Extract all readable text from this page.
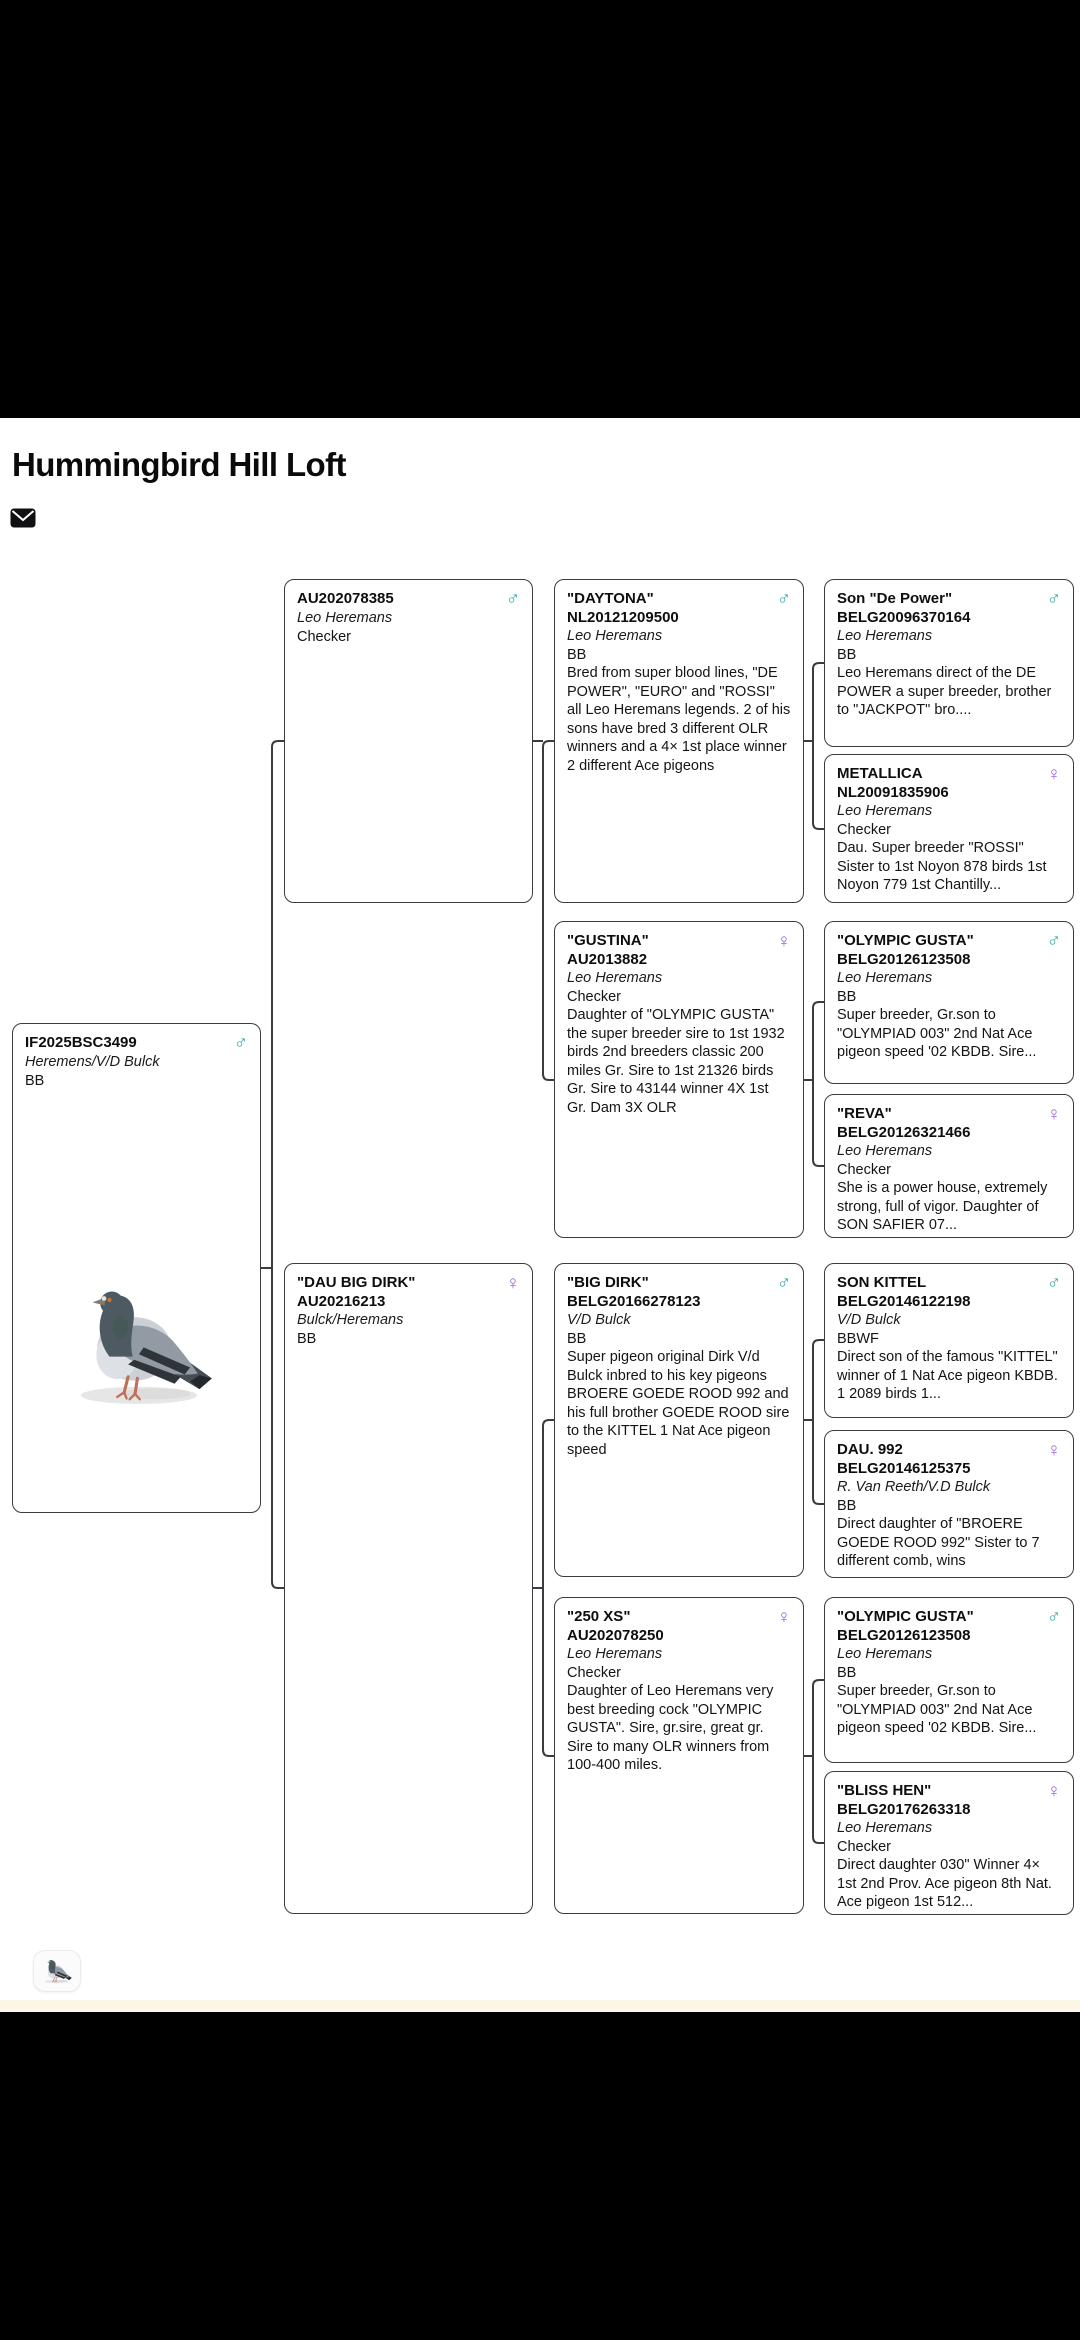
Hummingbird Hill Loft
IF2025BSC3499	♂
Heremens/V/D Bulck
BB
AU202078385	♂
Leo Heremans
Checker
"DAU BIG DIRK"
AU20216213
♀
Bulck/Heremans
BB
"DAYTONA"
NL20121209500
♂
Leo Heremans
BB
Bred from super blood lines, "DE POWER", "EURO" and "ROSSI" all Leo Heremans legends. 2 of his sons have bred 3 different OLR winners and a 4× 1st place winner 2 different Ace pigeons
"GUSTINA"
AU2013882
♀
Leo Heremans
Checker
Daughter of "OLYMPIC GUSTA" the super breeder sire to 1st 1932 birds 2nd breeders classic 200 miles Gr. Sire to 1st 21326 birds Gr. Sire to 43144 winner 4X 1st Gr. Dam 3X OLR
"BIG DIRK"
BELG20166278123
♂
V/D Bulck
BB
Super pigeon original Dirk V/d Bulck inbred to his key pigeons BROERE GOEDE ROOD 992 and his full brother GOEDE ROOD sire to the KITTEL 1 Nat Ace pigeon speed
"250 XS"
AU202078250
♀
Leo Heremans
Checker
Daughter of Leo Heremans very best breeding cock "OLYMPIC GUSTA". Sire, gr.sire, great gr. Sire to many OLR winners from 100-400 miles.
Son "De Power"
BELG20096370164
♂
Leo Heremans
BB
Leo Heremans direct of the DE POWER a super breeder, brother to "JACKPOT" bro....
METALLICA
NL20091835906
♀
Leo Heremans
Checker
Dau. Super breeder "ROSSI" Sister to 1st Noyon 878 birds 1st Noyon 779 1st Chantilly...
"OLYMPIC GUSTA"
BELG20126123508
♂
Leo Heremans
BB
Super breeder, Gr.son to "OLYMPIAD 003" 2nd Nat Ace pigeon speed '02 KBDB. Sire...
"REVA"
BELG20126321466
♀
Leo Heremans
Checker
She is a power house, extremely strong, full of vigor. Daughter of SON SAFIER 07...
SON KITTEL
BELG20146122198
♂
V/D Bulck
BBWF
Direct son of the famous "KITTEL" winner of 1 Nat Ace pigeon KBDB. 1 2089 birds 1...
DAU. 992
BELG20146125375
♀
R. Van Reeth/V.D Bulck
BB
Direct daughter of "BROERE GOEDE ROOD 992" Sister to 7 different comb, wins
"OLYMPIC GUSTA"
BELG20126123508
♂
Leo Heremans
BB
Super breeder, Gr.son to "OLYMPIAD 003" 2nd Nat Ace pigeon speed '02 KBDB. Sire...
"BLISS HEN"
BELG20176263318
♀
Leo Heremans
Checker
Direct daughter 030" Winner 4× 1st 2nd Prov. Ace pigeon 8th Nat. Ace pigeon 1st 512...
